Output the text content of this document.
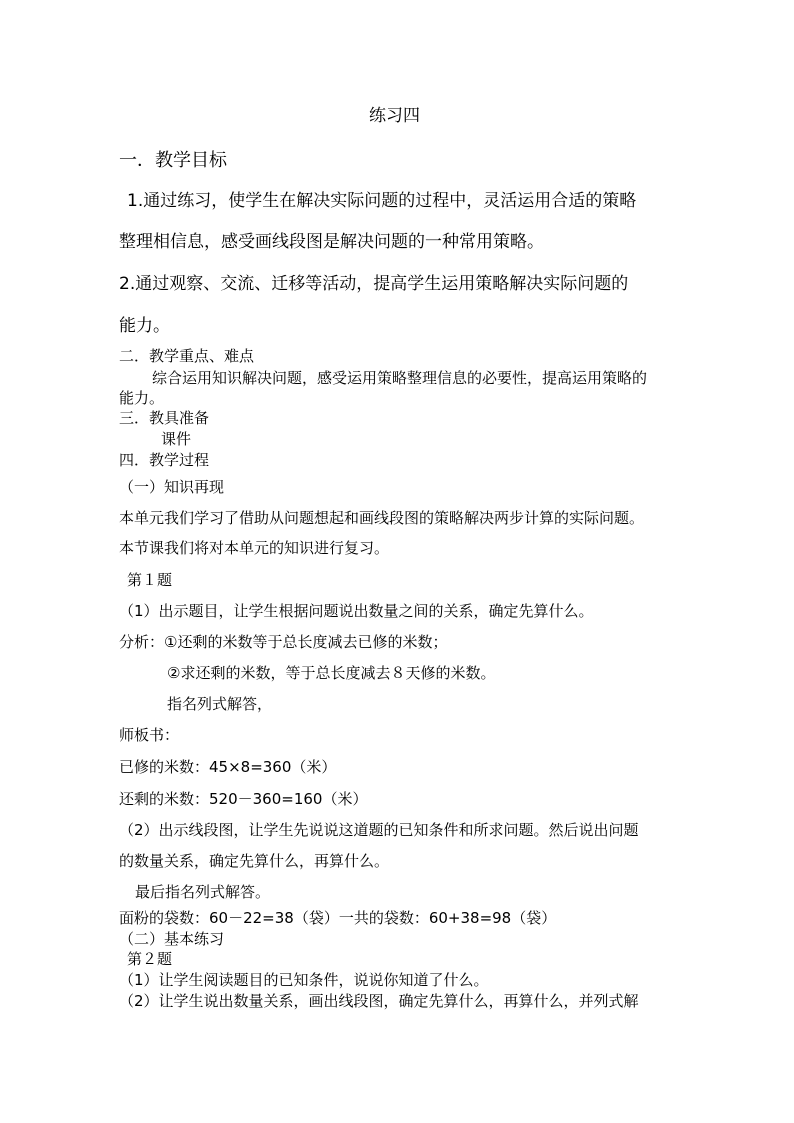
练习四
一．教学目标
1.通过练习，使学生在解决实际问题的过程中，灵活运用合适的策略
整理相信息，感受画线段图是解决问题的一种常用策略。
2.通过观察、交流、迁移等活动，提高学生运用策略解决实际问题的
能力。
二．教学重点、难点
综合运用知识解决问题，感受运用策略整理信息的必要性，提高运用策略的
能力。
三．教具准备
课件
四．教学过程
（一）知识再现
本单元我们学习了借助从问题想起和画线段图的策略解决两步计算的实际问题。
本节课我们将对本单元的知识进行复习。
第１题
（1）出示题目，让学生根据问题说出数量之间的关系，确定先算什么。
分析：①还剩的米数等于总长度减去已修的米数；
②求还剩的米数，等于总长度减去８天修的米数。
指名列式解答，
师板书：
已修的米数：45×8=360（米）
还剩的米数：520－360=160（米）
（2）出示线段图，让学生先说说这道题的已知条件和所求问题。然后说出问题
的数量关系，确定先算什么，再算什么。
最后指名列式解答。
面粉的袋数：60－22=38（袋）一共的袋数：60+38=98（袋）
（二）基本练习
第２题
（1）让学生阅读题目的已知条件，说说你知道了什么。
（2）让学生说出数量关系，画出线段图，确定先算什么，再算什么，并列式解
